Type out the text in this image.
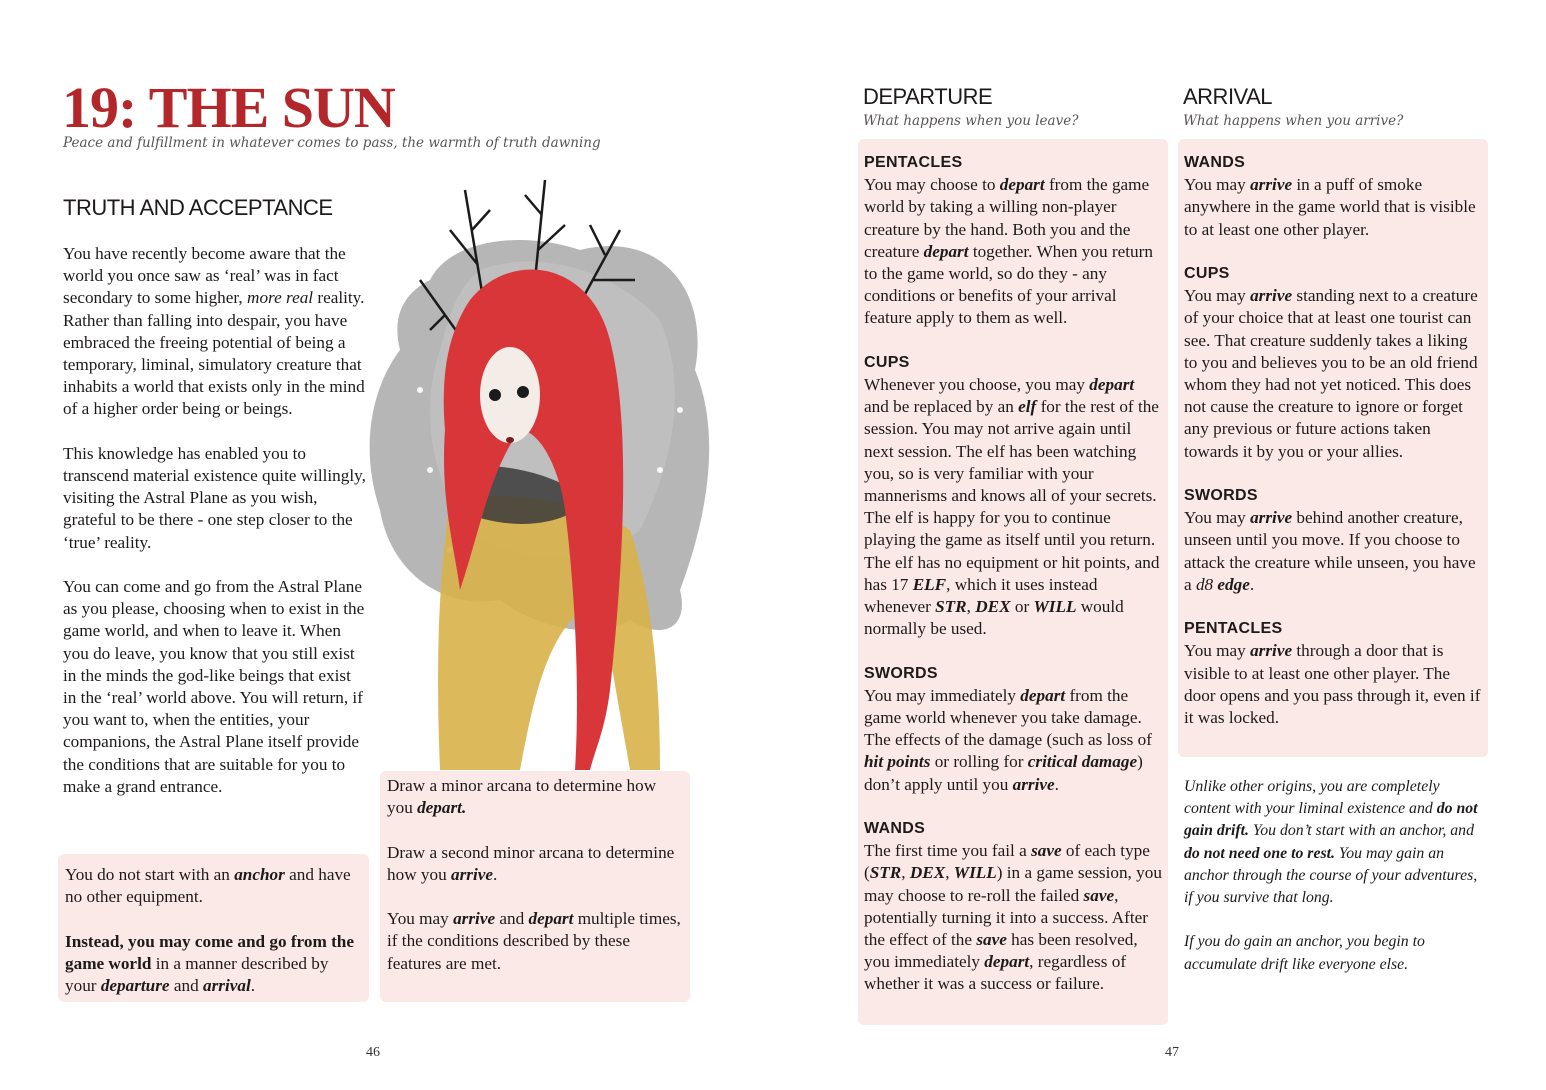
19: THE SUN
Peace and fulfillment in whatever comes to pass, the warmth of truth dawning
TRUTH AND ACCEPTANCE

You have recently become aware that the world you once saw as ‘real’ was in fact secondary to some higher, more real reality. Rather than falling into despair, you have embraced the freeing potential of being a temporary, liminal, simulatory creature that inhabits a world that exists only in the mind of a higher order being or beings.

This knowledge has enabled you to transcend material existence quite willingly, visiting the Astral Plane as you wish, grateful to be there - one step closer to the ‘true’ reality.

You can come and go from the Astral Plane as you please, choosing when to exist in the game world, and when to leave it. When you do leave, you know that you still exist in the minds the god-like beings that exist in the ‘real’ world above. You will return, if you want to, when the entities, your companions, the Astral Plane itself provide the conditions that are suitable for you to make a grand entrance.

You do not start with an anchor and have no other equipment.

Instead, you may come and go from the game world in a manner described by your departure and arrival.

Draw a minor arcana to determine how you depart.

Draw a second minor arcana to determine how you arrive.

You may arrive and depart multiple times, if the conditions described by these features are met.

46
DEPARTURE
What happens when you leave?
ARRIVAL
What happens when you arrive?
PENTACLES

You may choose to depart from the game world by taking a willing non-player creature by the hand. Both you and the creature depart together. When you return to the game world, so do they - any conditions or benefits of your arrival feature apply to them as well.

CUPS

Whenever you choose, you may depart and be replaced by an elf for the rest of the session. You may not arrive again until next session. The elf has been watching you, so is very familiar with your mannerisms and knows all of your secrets. The elf is happy for you to continue playing the game as itself until you return. The elf has no equipment or hit points, and has 17 ELF, which it uses instead whenever STR, DEX or WILL would normally be used.

SWORDS

You may immediately depart from the game world whenever you take damage. The effects of the damage (such as loss of hit points or rolling for critical damage) don’t apply until you arrive.

WANDS

The first time you fail a save of each type (STR, DEX, WILL) in a game session, you may choose to re-roll the failed save, potentially turning it into a success. After the effect of the save has been resolved, you immediately depart, regardless of whether it was a success or failure.

WANDS

You may arrive in a puff of smoke anywhere in the game world that is visible to at least one other player.

CUPS

You may arrive standing next to a creature of your choice that at least one tourist can see. That creature suddenly takes a liking to you and believes you to be an old friend whom they had not yet noticed. This does not cause the creature to ignore or forget any previous or future actions taken towards it by you or your allies.

SWORDS

You may arrive behind another creature, unseen until you move. If you choose to attack the creature while unseen, you have a d8 edge.

PENTACLES

You may arrive through a door that is visible to at least one other player. The door opens and you pass through it, even if it was locked.

Unlike other origins, you are completely content with your liminal existence and do not gain drift. You don’t start with an anchor, and do not need one to rest. You may gain an anchor through the course of your adventures, if you survive that long.

If you do gain an anchor, you begin to accumulate drift like everyone else.

47
